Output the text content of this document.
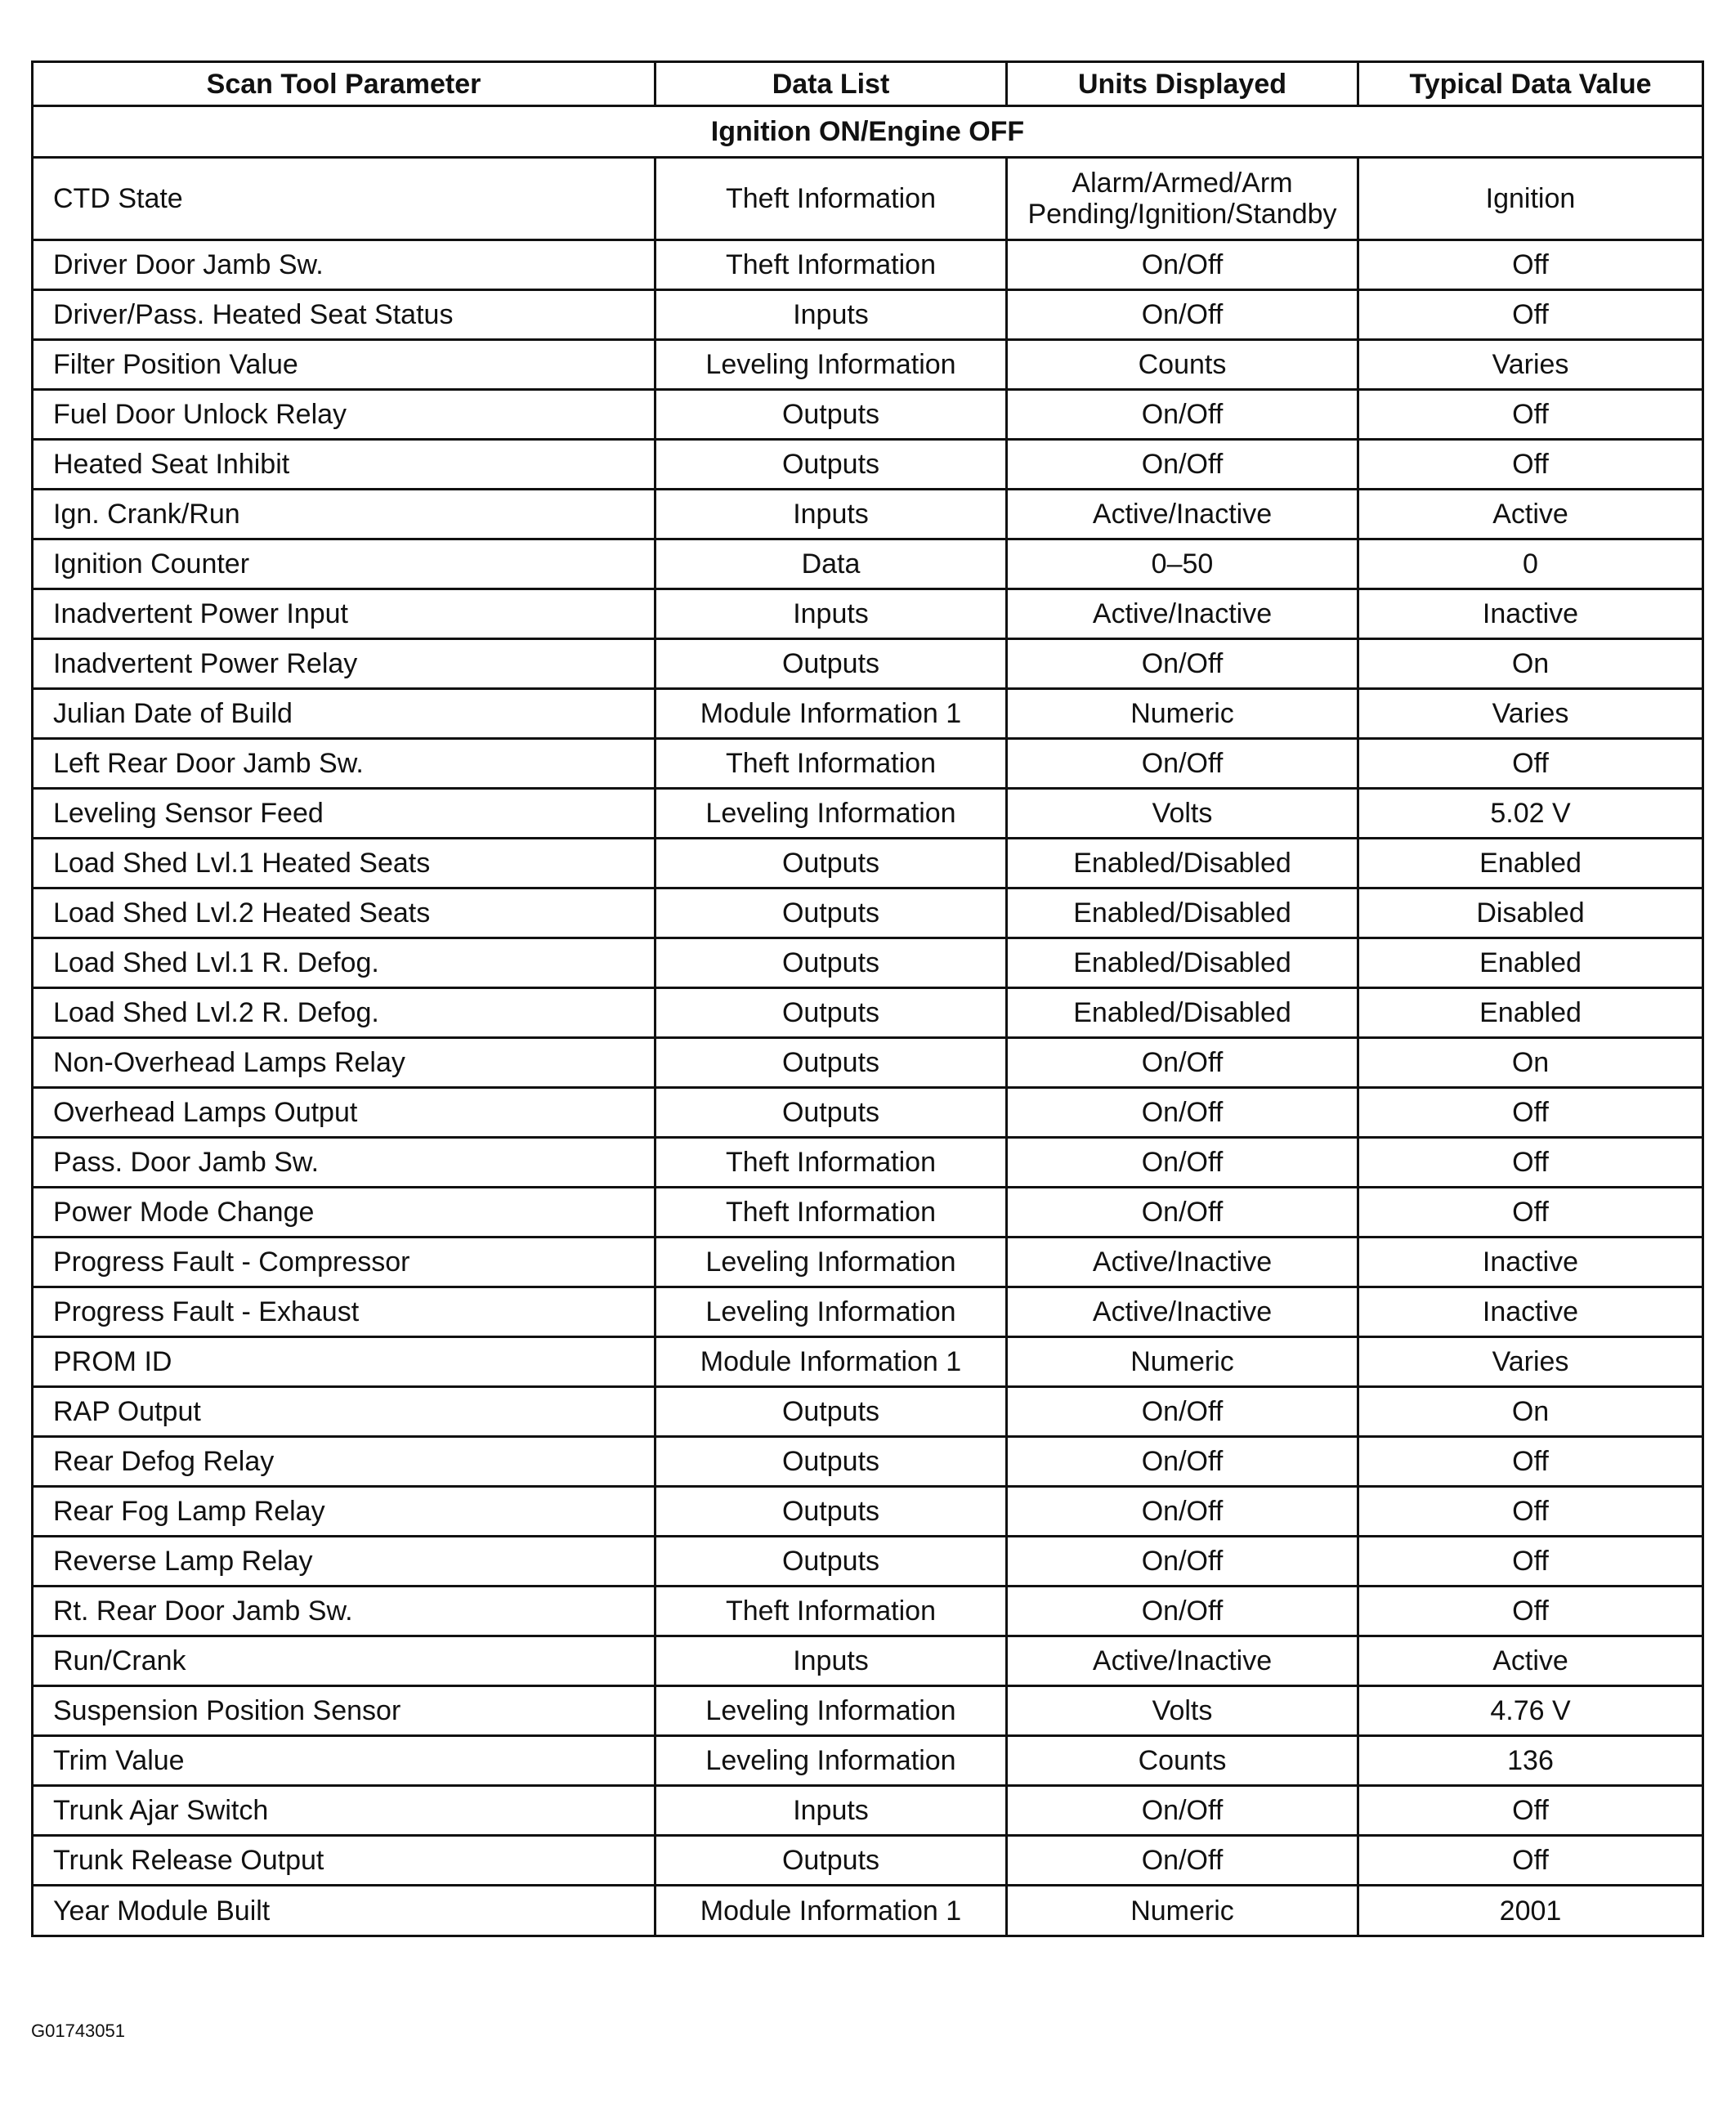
Scan Tool Parameter	Data List	Units Displayed	Typical Data Value
Ignition ON/Engine OFF			
CTD State	Theft Information	Alarm/Armed/Arm Pending/Ignition/Standby	Ignition
Driver Door Jamb Sw.	Theft Information	On/Off	Off
Driver/Pass. Heated Seat Status	Inputs	On/Off	Off
Filter Position Value	Leveling Information	Counts	Varies
Fuel Door Unlock Relay	Outputs	On/Off	Off
Heated Seat Inhibit	Outputs	On/Off	Off
Ign. Crank/Run	Inputs	Active/Inactive	Active
Ignition Counter	Data	0–50	0
Inadvertent Power Input	Inputs	Active/Inactive	Inactive
Inadvertent Power Relay	Outputs	On/Off	On
Julian Date of Build	Module Information 1	Numeric	Varies
Left Rear Door Jamb Sw.	Theft Information	On/Off	Off
Leveling Sensor Feed	Leveling Information	Volts	5.02 V
Load Shed Lvl.1 Heated Seats	Outputs	Enabled/Disabled	Enabled
Load Shed Lvl.2 Heated Seats	Outputs	Enabled/Disabled	Disabled
Load Shed Lvl.1 R. Defog.	Outputs	Enabled/Disabled	Enabled
Load Shed Lvl.2 R. Defog.	Outputs	Enabled/Disabled	Enabled
Non-Overhead Lamps Relay	Outputs	On/Off	On
Overhead Lamps Output	Outputs	On/Off	Off
Pass. Door Jamb Sw.	Theft Information	On/Off	Off
Power Mode Change	Theft Information	On/Off	Off
Progress Fault - Compressor	Leveling Information	Active/Inactive	Inactive
Progress Fault - Exhaust	Leveling Information	Active/Inactive	Inactive
PROM ID	Module Information 1	Numeric	Varies
RAP Output	Outputs	On/Off	On
Rear Defog Relay	Outputs	On/Off	Off
Rear Fog Lamp Relay	Outputs	On/Off	Off
Reverse Lamp Relay	Outputs	On/Off	Off
Rt. Rear Door Jamb Sw.	Theft Information	On/Off	Off
Run/Crank	Inputs	Active/Inactive	Active
Suspension Position Sensor	Leveling Information	Volts	4.76 V
Trim Value	Leveling Information	Counts	136
Trunk Ajar Switch	Inputs	On/Off	Off
Trunk Release Output	Outputs	On/Off	Off
Year Module Built	Module Information 1	Numeric	2001
G01743051
